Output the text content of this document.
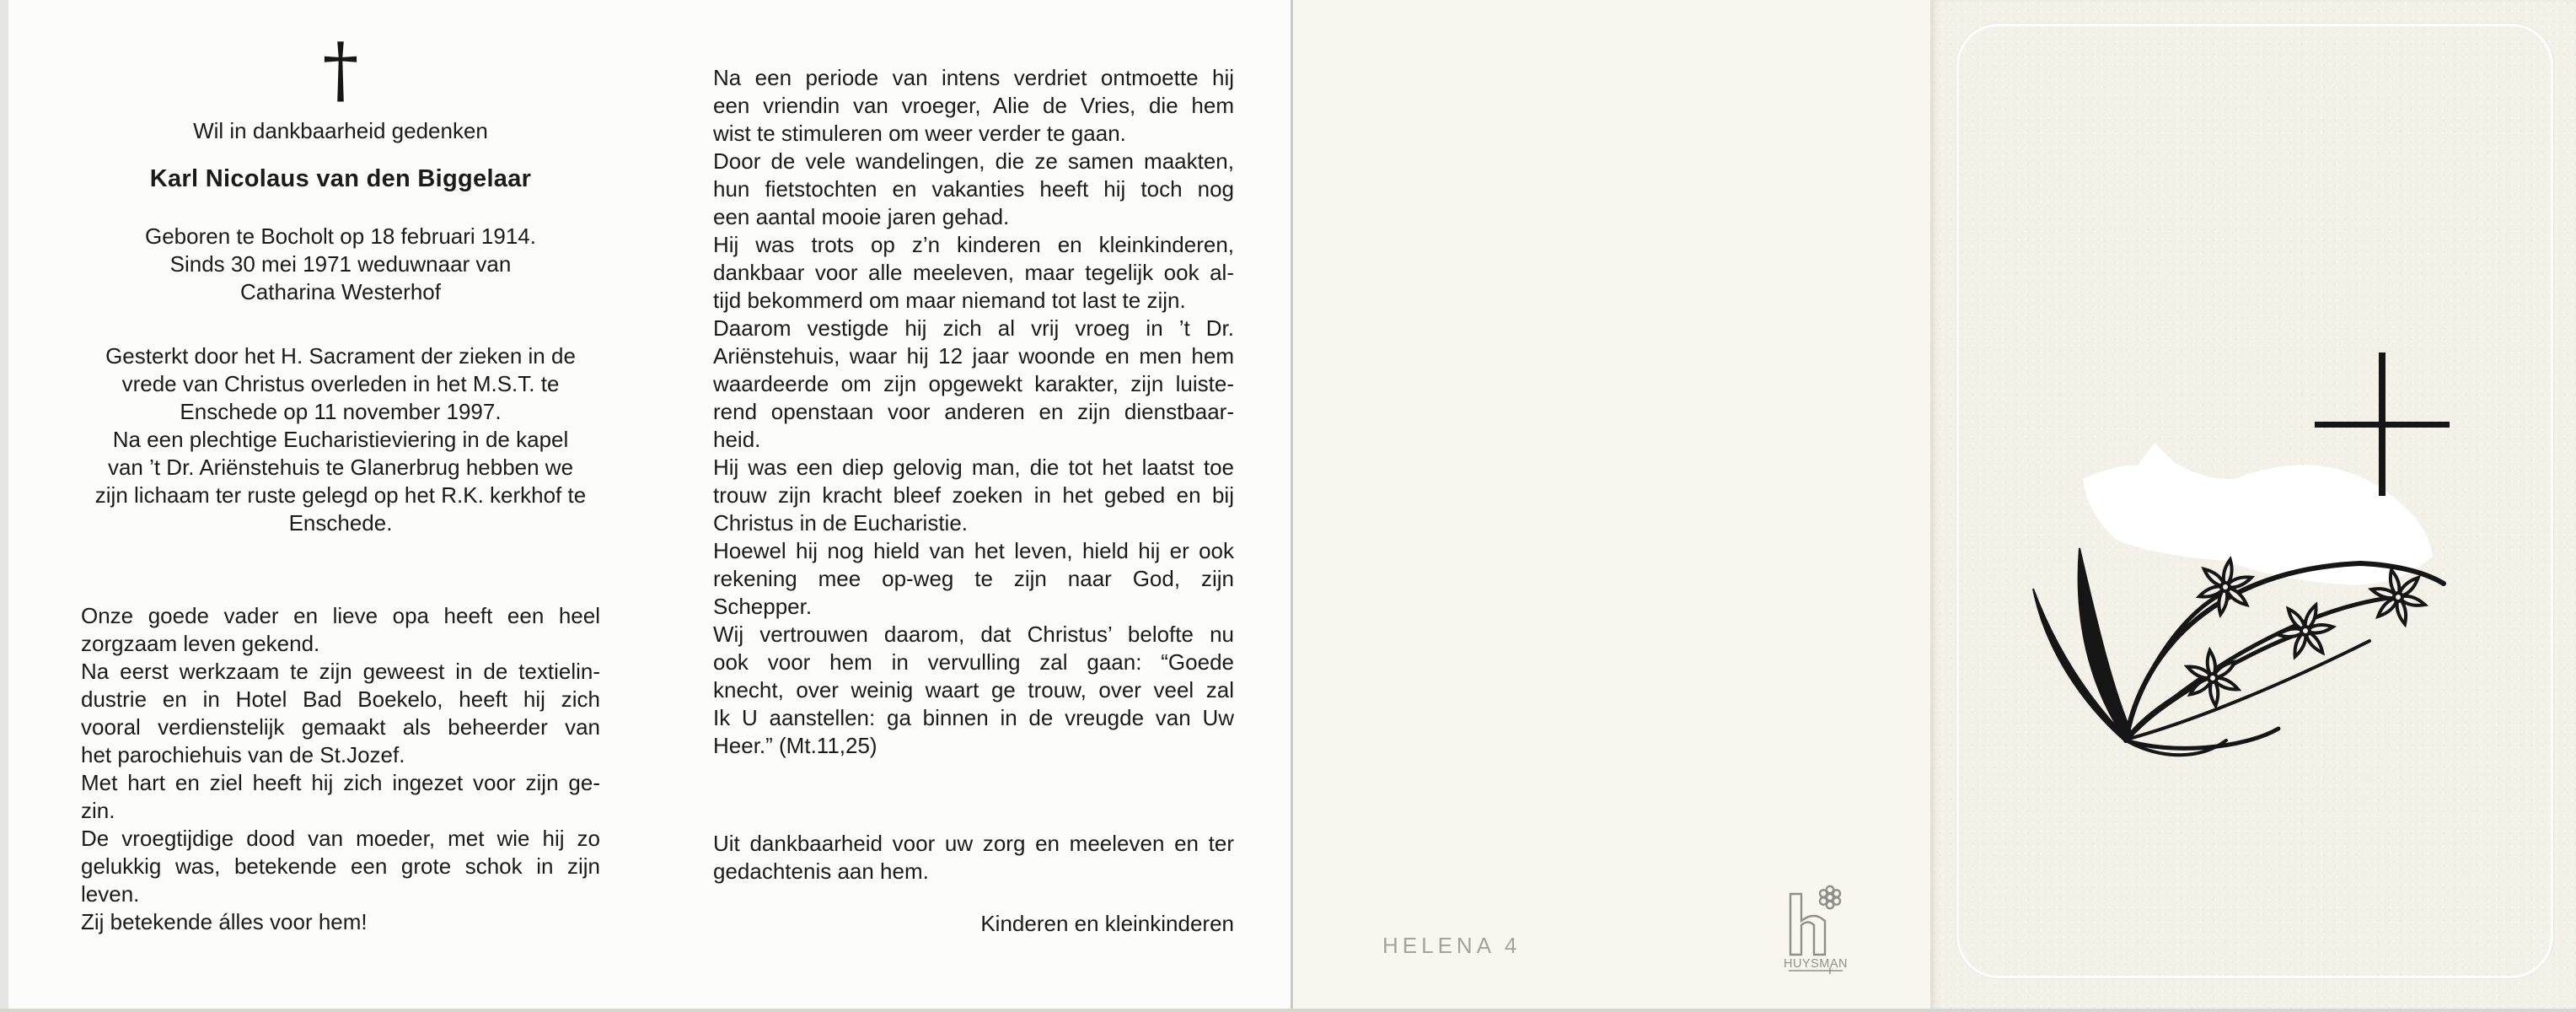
†
Wil in dankbaarheid gedenken
Karl Nicolaus van den Biggelaar
Geboren te Bocholt op 18 februari 1914.
Sinds 30 mei 1971 weduwnaar van
Catharina Westerhof
Gesterkt door het H. Sacrament der zieken in de
vrede van Christus overleden in het M.S.T. te
Enschede op 11 november 1997.
Na een plechtige Eucharistieviering in de kapel
van ’t Dr. Ariënstehuis te Glanerbrug hebben we
zijn lichaam ter ruste gelegd op het R.K. kerkhof te
Enschede.
Onze goede vader en lieve opa heeft een heel
zorgzaam leven gekend.
Na eerst werkzaam te zijn geweest in de textielin-
dustrie en in Hotel Bad Boekelo, heeft hij zich
vooral verdienstelijk gemaakt als beheerder van
het parochiehuis van de St.Jozef.
Met hart en ziel heeft hij zich ingezet voor zijn ge-
zin.
De vroegtijdige dood van moeder, met wie hij zo
gelukkig was, betekende een grote schok in zijn
leven.
Zij betekende álles voor hem!
Na een periode van intens verdriet ontmoette hij
een vriendin van vroeger, Alie de Vries, die hem
wist te stimuleren om weer verder te gaan.
Door de vele wandelingen, die ze samen maakten,
hun fietstochten en vakanties heeft hij toch nog
een aantal mooie jaren gehad.
Hij was trots op z’n kinderen en kleinkinderen,
dankbaar voor alle meeleven, maar tegelijk ook al-
tijd bekommerd om maar niemand tot last te zijn.
Daarom vestigde hij zich al vrij vroeg in ’t Dr.
Ariënstehuis, waar hij 12 jaar woonde en men hem
waardeerde om zijn opgewekt karakter, zijn luiste-
rend openstaan voor anderen en zijn dienstbaar-
heid.
Hij was een diep gelovig man, die tot het laatst toe
trouw zijn kracht bleef zoeken in het gebed en bij
Christus in de Eucharistie.
Hoewel hij nog hield van het leven, hield hij er ook
rekening mee op-weg te zijn naar God, zijn
Schepper.
Wij vertrouwen daarom, dat Christus’ belofte nu
ook voor hem in vervulling zal gaan: “Goede
knecht, over weinig waart ge trouw, over veel zal
Ik U aanstellen: ga binnen in de vreugde van Uw
Heer.” (Mt.11,25)
Uit dankbaarheid voor uw zorg en meeleven en ter
gedachtenis aan hem.
Kinderen en kleinkinderen
HELENA 4
HUYSMAN
